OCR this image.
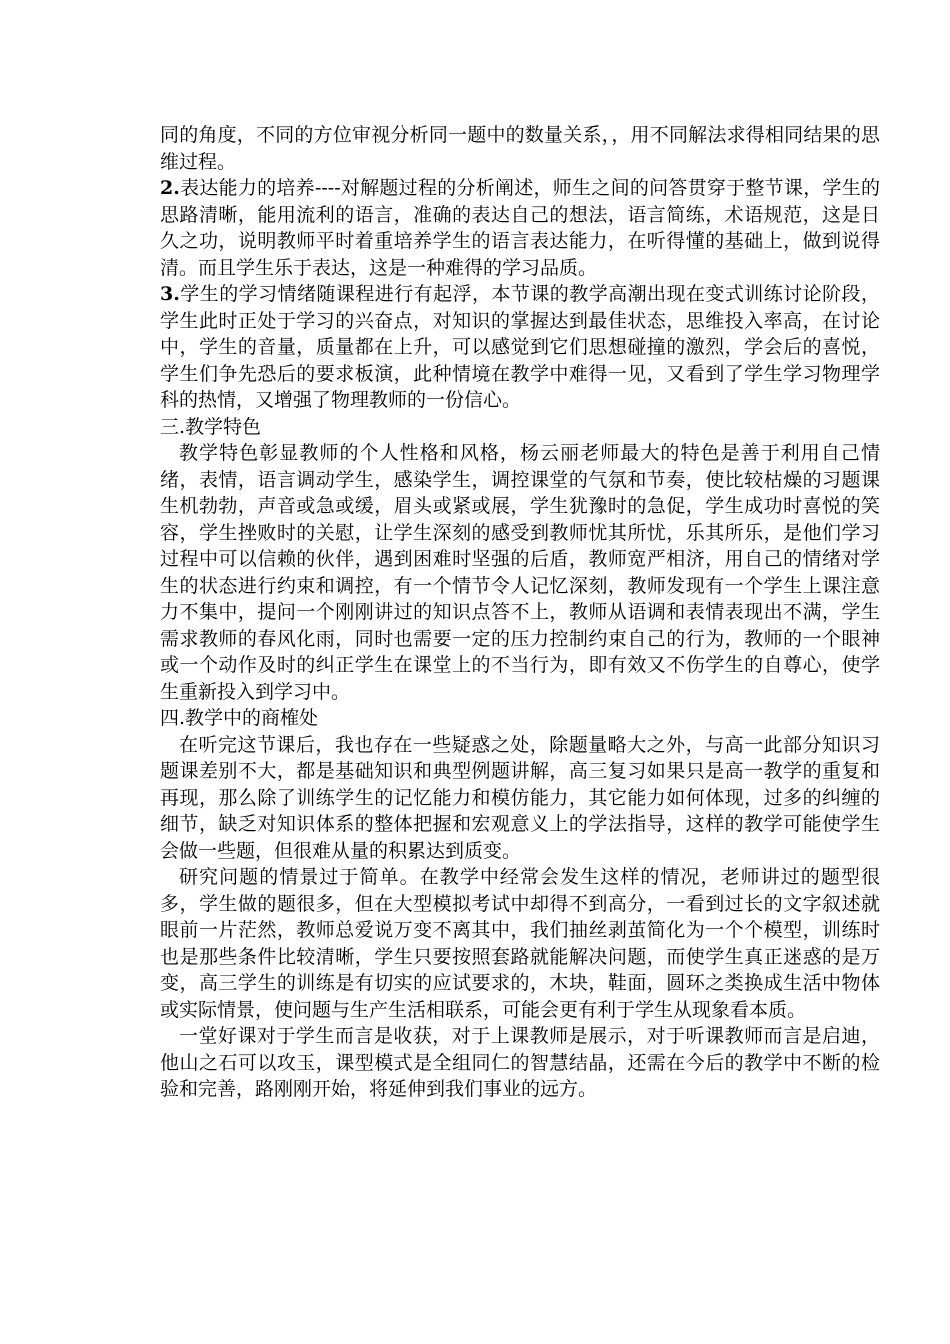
同的角度，不同的方位审视分析同一题中的数量关系，，用不同解法求得相同结果的思维过程。

2.表达能力的培养----对解题过程的分析阐述，师生之间的问答贯穿于整节课，学生的思路清晰，能用流利的语言，准确的表达自己的想法，语言简练，术语规范，这是日久之功，说明教师平时着重培养学生的语言表达能力，在听得懂的基础上，做到说得清。而且学生乐于表达，这是一种难得的学习品质。

3.学生的学习情绪随课程进行有起浮，本节课的教学高潮出现在变式训练讨论阶段，学生此时正处于学习的兴奋点，对知识的掌握达到最佳状态，思维投入率高，在讨论中，学生的音量，质量都在上升，可以感觉到它们思想碰撞的激烈，学会后的喜悦，学生们争先恐后的要求板演，此种情境在教学中难得一见，又看到了学生学习物理学科的热情，又增强了物理教师的一份信心。

三.教学特色

教学特色彰显教师的个人性格和风格，杨云丽老师最大的特色是善于利用自己情绪，表情，语言调动学生，感染学生，调控课堂的气氛和节奏，使比较枯燥的习题课生机勃勃，声音或急或缓，眉头或紧或展，学生犹豫时的急促，学生成功时喜悦的笑容，学生挫败时的关慰，让学生深刻的感受到教师忧其所忧，乐其所乐，是他们学习过程中可以信赖的伙伴，遇到困难时坚强的后盾，教师宽严相济，用自己的情绪对学生的状态进行约束和调控，有一个情节令人记忆深刻，教师发现有一个学生上课注意力不集中，提问一个刚刚讲过的知识点答不上，教师从语调和表情表现出不满，学生需求教师的春风化雨，同时也需要一定的压力控制约束自己的行为，教师的一个眼神或一个动作及时的纠正学生在课堂上的不当行为，即有效又不伤学生的自尊心，使学生重新投入到学习中。

四.教学中的商榷处

在听完这节课后，我也存在一些疑惑之处，除题量略大之外，与高一此部分知识习题课差别不大，都是基础知识和典型例题讲解，高三复习如果只是高一教学的重复和再现，那么除了训练学生的记忆能力和模仿能力，其它能力如何体现，过多的纠缠的细节，缺乏对知识体系的整体把握和宏观意义上的学法指导，这样的教学可能使学生会做一些题，但很难从量的积累达到质变。

研究问题的情景过于简单。在教学中经常会发生这样的情况，老师讲过的题型很多，学生做的题很多，但在大型模拟考试中却得不到高分，一看到过长的文字叙述就眼前一片茫然，教师总爱说万变不离其中，我们抽丝剥茧简化为一个个模型，训练时也是那些条件比较清晰，学生只要按照套路就能解决问题，而使学生真正迷惑的是万变，高三学生的训练是有切实的应试要求的，木块，鞋面，圆环之类换成生活中物体或实际情景，使问题与生产生活相联系，可能会更有利于学生从现象看本质。

一堂好课对于学生而言是收获，对于上课教师是展示，对于听课教师而言是启迪，他山之石可以攻玉，课型模式是全组同仁的智慧结晶，还需在今后的教学中不断的检验和完善，路刚刚开始，将延伸到我们事业的远方。
